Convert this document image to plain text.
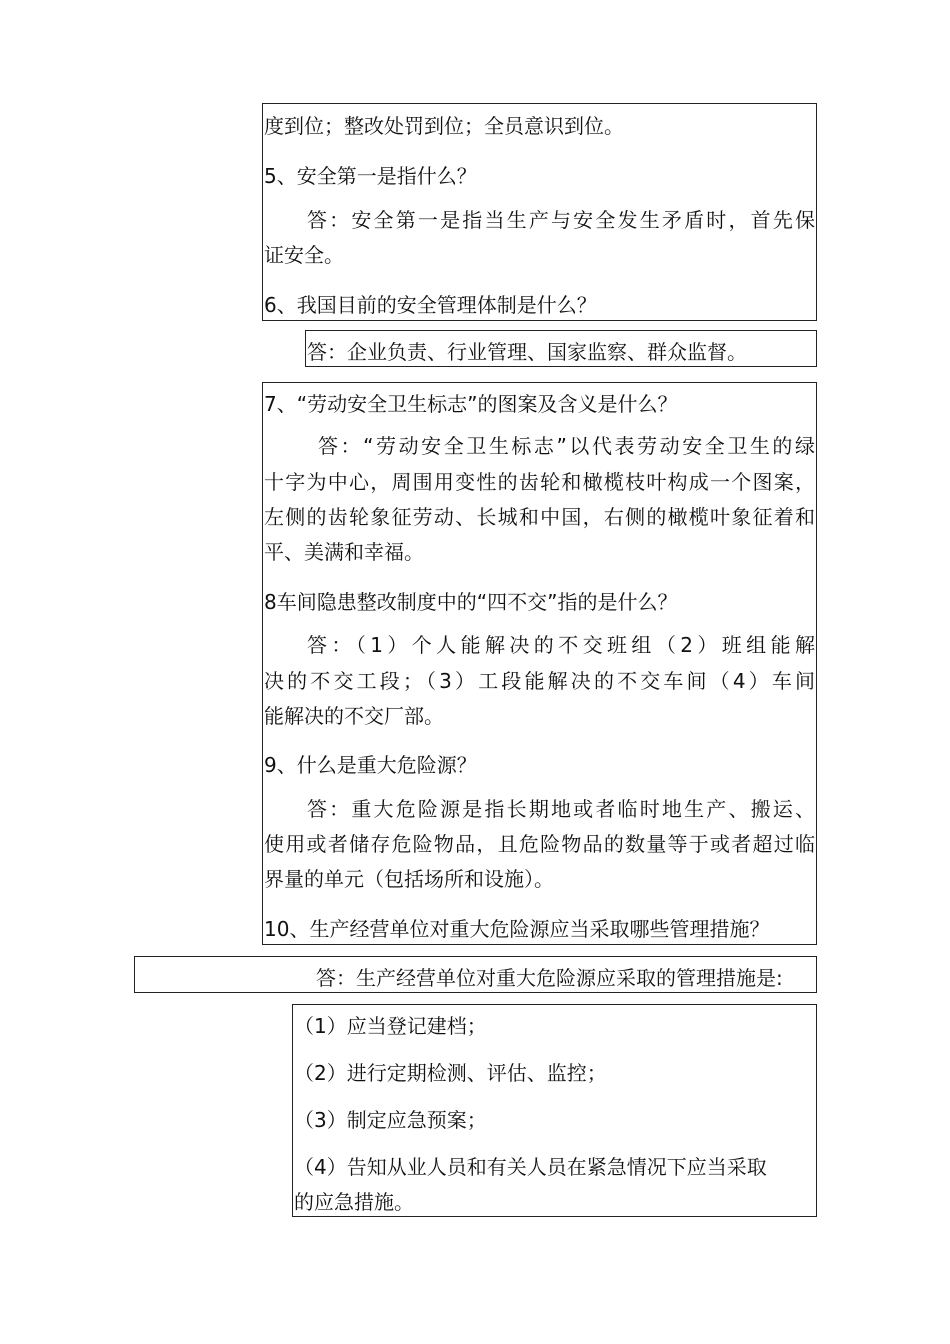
度到位；整改处罚到位；全员意识到位。
5、安全第一是指什么？
答：安全第一是指当生产与安全发生矛盾时，首先保
证安全。
6、我国目前的安全管理体制是什么？
答：企业负责、行业管理、国家监察、群众监督。
7、“劳动安全卫生标志”的图案及含义是什么？
答：“劳动安全卫生标志”以代表劳动安全卫生的绿
十字为中心，周围用变性的齿轮和橄榄枝叶构成一个图案，
左侧的齿轮象征劳动、长城和中国，右侧的橄榄叶象征着和
平、美满和幸福。
8车间隐患整改制度中的“四不交”指的是什么？
答：（1）个人能解决的不交班组（2）班组能解
决的不交工段；（3）工段能解决的不交车间（4）车间
能解决的不交厂部。
9、什么是重大危险源？
答：重大危险源是指长期地或者临时地生产、搬运、
使用或者储存危险物品，且危险物品的数量等于或者超过临
界量的单元（包括场所和设施）。
10、生产经营单位对重大危险源应当采取哪些管理措施？
答：生产经营单位对重大危险源应采取的管理措施是:
（1）应当登记建档；
（2）进行定期检测、评估、监控；
（3）制定应急预案；
（4）告知从业人员和有关人员在紧急情况下应当采取
的应急措施。
